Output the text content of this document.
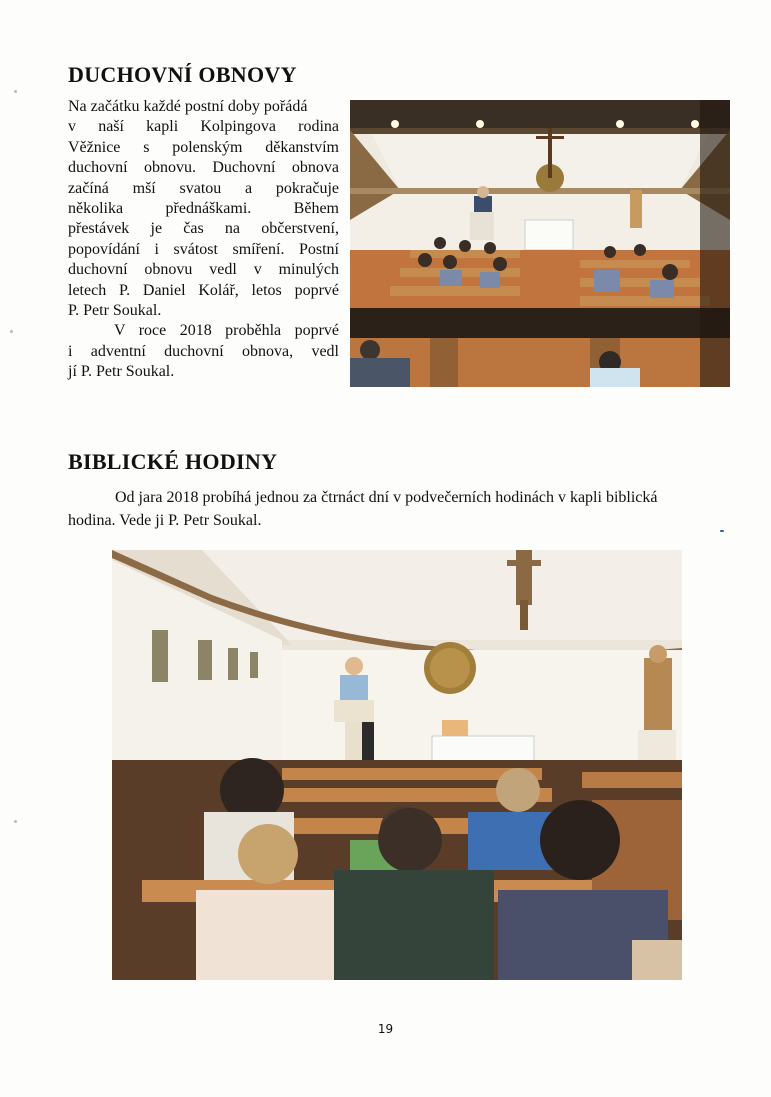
DUCHOVNÍ OBNOVY
Na začátku každé postní doby pořádá
v naší kapli Kolpingova rodina
Věžnice s polenským děkanstvím
duchovní obnovu. Duchovní obnova
začíná mší svatou a pokračuje
několika přednáškami. Během
přestávek je čas na občerstvení,
popovídání i svátost smíření. Postní
duchovní obnovu vedl v minulých
letech P. Daniel Kolář, letos poprvé
P. Petr Soukal.
V roce 2018 proběhla poprvé
i adventní duchovní obnova, vedl
jí P. Petr Soukal.
BIBLICKÉ HODINY
Od jara 2018 probíhá jednou za čtrnáct dní v podvečerních hodinách v kapli biblická
hodina. Vede ji P. Petr Soukal.
19
